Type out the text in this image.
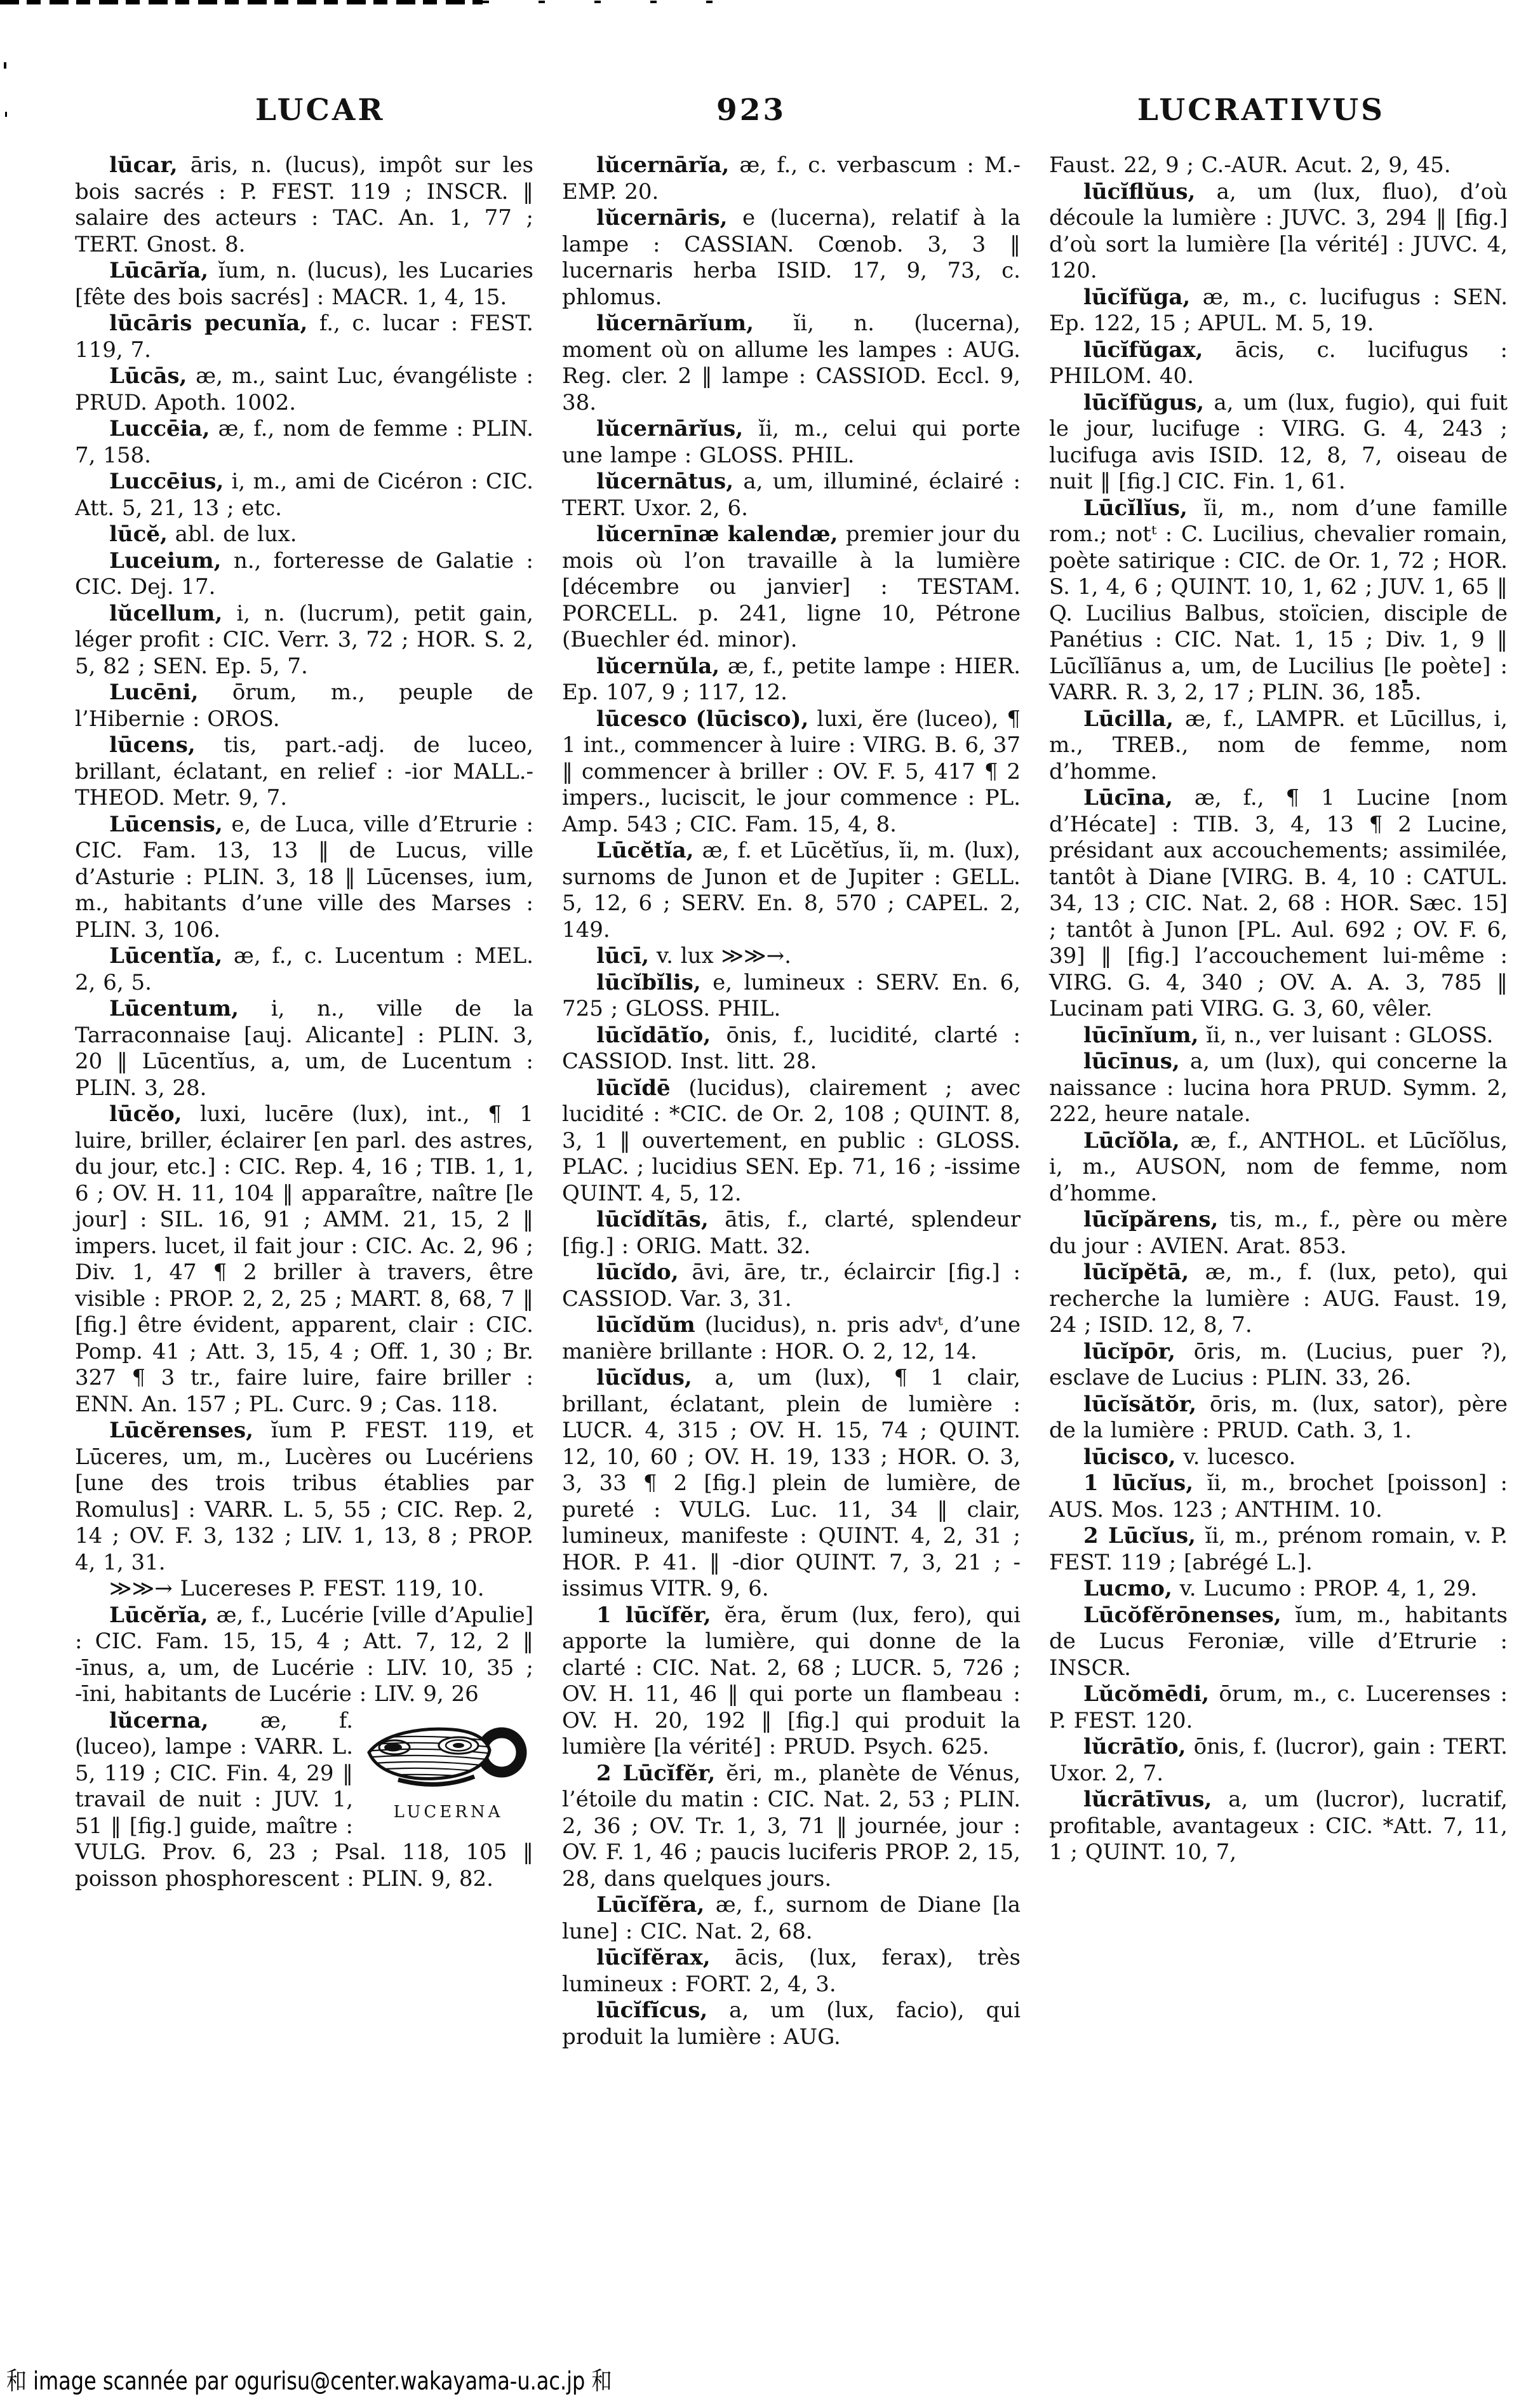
LUCAR	923	LUCRATIVUS

lūcar, āris, n. (lucus), impôt sur les bois sacrés : P. FEST. 119 ; INSCR. ‖ salaire des acteurs : TAC. An. 1, 77 ; TERT. Gnost. 8.

Lūcārĭa, ĭum, n. (lucus), les Lucaries [fête des bois sacrés] : MACR. 1, 4, 15.

lūcāris pecunĭa, f., c. lucar : FEST. 119, 7.

Lūcās, æ, m., saint Luc, évangéliste : PRUD. Apoth. 1002.

Luccēia, æ, f., nom de femme : PLIN. 7, 158.

Luccēius, i, m., ami de Cicéron : CIC. Att. 5, 21, 13 ; etc.

lūcĕ, abl. de lux.

Luceium, n., forteresse de Galatie : CIC. Dej. 17.

lŭcellum, i, n. (lucrum), petit gain, léger profit : CIC. Verr. 3, 72 ; HOR. S. 2, 5, 82 ; SEN. Ep. 5, 7.

Lucēni, ōrum, m., peuple de l’Hibernie : OROS.

lūcens, tis, part.-adj. de luceo, brillant, éclatant, en relief : -ior MALL.-THEOD. Metr. 9, 7.

Lūcensis, e, de Luca, ville d’Etrurie : CIC. Fam. 13, 13 ‖ de Lucus, ville d’Asturie : PLIN. 3, 18 ‖ Lūcenses, ium, m., habitants d’une ville des Marses : PLIN. 3, 106.

Lūcentĭa, æ, f., c. Lucentum : MEL. 2, 6, 5.

Lūcentum, i, n., ville de la Tarraconnaise [auj. Alicante] : PLIN. 3, 20 ‖ Lūcentĭus, a, um, de Lucentum : PLIN. 3, 28.

lūcĕo, luxi, lucēre (lux), int., ¶ 1 luire, briller, éclairer [en parl. des astres, du jour, etc.] : CIC. Rep. 4, 16 ; TIB. 1, 1, 6 ; OV. H. 11, 104 ‖ apparaître, naître [le jour] : SIL. 16, 91 ; AMM. 21, 15, 2 ‖ impers. lucet, il fait jour : CIC. Ac. 2, 96 ; Div. 1, 47 ¶ 2 briller à travers, être visible : PROP. 2, 2, 25 ; MART. 8, 68, 7 ‖ [fig.] être évident, apparent, clair : CIC. Pomp. 41 ; Att. 3, 15, 4 ; Off. 1, 30 ; Br. 327 ¶ 3 tr., faire luire, faire briller : ENN. An. 157 ; PL. Curc. 9 ; Cas. 118.

Lūcĕrenses, ĭum P. FEST. 119, et Lūceres, um, m., Lucères ou Lucériens [une des trois tribus établies par Romulus] : VARR. L. 5, 55 ; CIC. Rep. 2, 14 ; OV. F. 3, 132 ; LIV. 1, 13, 8 ; PROP. 4, 1, 31.

≫≫→ Lucereses P. FEST. 119, 10.

Lūcĕrĭa, æ, f., Lucérie [ville d’Apulie] : CIC. Fam. 15, 15, 4 ; Att. 7, 12, 2 ‖ -īnus, a, um, de Lucérie : LIV. 10, 35 ; -īni, habitants de Lucérie : LIV. 9, 26

LUCERNA
lŭcerna, æ, f. (luceo), lampe : VARR. L. 5, 119 ; CIC. Fin. 4, 29 ‖ travail de nuit : JUV. 1, 51 ‖ [fig.] guide, maître : VULG. Prov. 6, 23 ; Psal. 118, 105 ‖ poisson phosphorescent : PLIN. 9, 82.

lŭcernārĭa, æ, f., c. verbascum : M.-EMP. 20.

lŭcernāris, e (lucerna), relatif à la lampe : CASSIAN. Cœnob. 3, 3 ‖ lucernaris herba ISID. 17, 9, 73, c. phlomus.

lŭcernārĭum, ĭi, n. (lucerna), moment où on allume les lampes : AUG. Reg. cler. 2 ‖ lampe : CASSIOD. Eccl. 9, 38.

lŭcernārĭus, ĭi, m., celui qui porte une lampe : GLOSS. PHIL.

lŭcernātus, a, um, illuminé, éclairé : TERT. Uxor. 2, 6.

lŭcernīnæ kalendæ, premier jour du mois où l’on travaille à la lumière [décembre ou janvier] : TESTAM. PORCELL. p. 241, ligne 10, Pétrone (Buechler éd. minor).

lŭcernŭla, æ, f., petite lampe : HIER. Ep. 107, 9 ; 117, 12.

lūcesco (lūcisco), luxi, ĕre (luceo), ¶ 1 int., commencer à luire : VIRG. B. 6, 37 ‖ commencer à briller : OV. F. 5, 417 ¶ 2 impers., luciscit, le jour commence : PL. Amp. 543 ; CIC. Fam. 15, 4, 8.

Lūcĕtĭa, æ, f. et Lūcĕtĭus, ĭi, m. (lux), surnoms de Junon et de Jupiter : GELL. 5, 12, 6 ; SERV. En. 8, 570 ; CAPEL. 2, 149.

lūcī, v. lux ≫≫→.

lūcĭbĭlis, e, lumineux : SERV. En. 6, 725 ; GLOSS. PHIL.

lūcĭdātĭo, ōnis, f., lucidité, clarté : CASSIOD. Inst. litt. 28.

lūcĭdē (lucidus), clairement ; avec lucidité : *CIC. de Or. 2, 108 ; QUINT. 8, 3, 1 ‖ ouvertement, en public : GLOSS. PLAC. ; lucidius SEN. Ep. 71, 16 ; -issime QUINT. 4, 5, 12.

lūcĭdĭtās, ātis, f., clarté, splendeur [fig.] : ORIG. Matt. 32.

lūcĭdo, āvi, āre, tr., éclaircir [fig.] : CASSIOD. Var. 3, 31.

lūcĭdŭm (lucidus), n. pris advᵗ, d’une manière brillante : HOR. O. 2, 12, 14.

lūcĭdus, a, um (lux), ¶ 1 clair, brillant, éclatant, plein de lumière : LUCR. 4, 315 ; OV. H. 15, 74 ; QUINT. 12, 10, 60 ; OV. H. 19, 133 ; HOR. O. 3, 3, 33 ¶ 2 [fig.] plein de lumière, de pureté : VULG. Luc. 11, 34 ‖ clair, lumineux, manifeste : QUINT. 4, 2, 31 ; HOR. P. 41. ‖ -dior QUINT. 7, 3, 21 ; -issimus VITR. 9, 6.

1 lūcĭfĕr, ĕra, ĕrum (lux, fero), qui apporte la lumière, qui donne de la clarté : CIC. Nat. 2, 68 ; LUCR. 5, 726 ; OV. H. 11, 46 ‖ qui porte un flambeau : OV. H. 20, 192 ‖ [fig.] qui produit la lumière [la vérité] : PRUD. Psych. 625.

2 Lūcĭfĕr, ĕri, m., planète de Vénus, l’étoile du matin : CIC. Nat. 2, 53 ; PLIN. 2, 36 ; OV. Tr. 1, 3, 71 ‖ journée, jour : OV. F. 1, 46 ; paucis luciferis PROP. 2, 15, 28, dans quelques jours.

Lūcĭfĕra, æ, f., surnom de Diane [la lune] : CIC. Nat. 2, 68.

lūcĭfĕrax, ācis, (lux, ferax), très lumineux : FORT. 2, 4, 3.

lūcĭfĭcus, a, um (lux, facio), qui produit la lumière : AUG.

Faust. 22, 9 ; C.-AUR. Acut. 2, 9, 45.

lūcĭflŭus, a, um (lux, fluo), d’où découle la lumière : JUVC. 3, 294 ‖ [fig.] d’où sort la lumière [la vérité] : JUVC. 4, 120.

lūcĭfŭga, æ, m., c. lucifugus : SEN. Ep. 122, 15 ; APUL. M. 5, 19.

lūcĭfŭgax, ācis, c. lucifugus : PHILOM. 40.

lūcĭfŭgus, a, um (lux, fugio), qui fuit le jour, lucifuge : VIRG. G. 4, 243 ; lucifuga avis ISID. 12, 8, 7, oiseau de nuit ‖ [fig.] CIC. Fin. 1, 61.

Lūcĭlĭus, ĭi, m., nom d’une famille rom.; notᵗ : C. Lucilius, chevalier romain, poète satirique : CIC. de Or. 1, 72 ; HOR. S. 1, 4, 6 ; QUINT. 10, 1, 62 ; JUV. 1, 65 ‖ Q. Lucilius Balbus, stoïcien, disciple de Panétius : CIC. Nat. 1, 15 ; Div. 1, 9 ‖ Lūcĭlĭānus a, um, de Lucilius [le poète] : VARR. R. 3, 2, 17 ; PLIN. 36, 185.

Lūcilla, æ, f., LAMPR. et Lūcillus, i, m., TREB., nom de femme, nom d’homme.

Lūcīna, æ, f., ¶ 1 Lucine [nom d’Hécate] : TIB. 3, 4, 13 ¶ 2 Lucine, présidant aux accouchements; assimilée, tantôt à Diane [VIRG. B. 4, 10 : CATUL. 34, 13 ; CIC. Nat. 2, 68 : HOR. Sæc. 15] ; tantôt à Junon [PL. Aul. 692 ; OV. F. 6, 39] ‖ [fig.] l’accouchement lui-même : VIRG. G. 4, 340 ; OV. A. A. 3, 785 ‖ Lucinam pati VIRG. G. 3, 60, vêler.

lūcīnĭum, ĭi, n., ver luisant : GLOSS.

lūcīnus, a, um (lux), qui concerne la naissance : lucina hora PRUD. Symm. 2, 222, heure natale.

Lūcĭŏla, æ, f., ANTHOL. et Lūcĭŏlus, i, m., AUSON, nom de femme, nom d’homme.

lūcĭpărens, tis, m., f., père ou mère du jour : AVIEN. Arat. 853.

lūcĭpĕtā, æ, m., f. (lux, peto), qui recherche la lumière : AUG. Faust. 19, 24 ; ISID. 12, 8, 7.

lūcĭpōr, ōris, m. (Lucius, puer ?), esclave de Lucius : PLIN. 33, 26.

lūcĭsătŏr, ōris, m. (lux, sator), père de la lumière : PRUD. Cath. 3, 1.

lūcisco, v. lucesco.

1 lūcĭus, ĭi, m., brochet [poisson] : AUS. Mos. 123 ; ANTHIM. 10.

2 Lūcĭus, ĭi, m., prénom romain, v. P. FEST. 119 ; [abrégé L.].

Lucmo, v. Lucumo : PROP. 4, 1, 29.

Lūcŏfĕrōnenses, ĭum, m., habitants de Lucus Feroniæ, ville d’Etrurie : INSCR.

Lŭcŏmēdi, ōrum, m., c. Lucerenses : P. FEST. 120.

lŭcrātĭo, ōnis, f. (lucror), gain : TERT. Uxor. 2, 7.

lŭcrātīvus, a, um (lucror), lucratif, profitable, avantageux : CIC. *Att. 7, 11, 1 ; QUINT. 10, 7,

和 image scannée par ogurisu@center.wakayama-u.ac.jp 和
